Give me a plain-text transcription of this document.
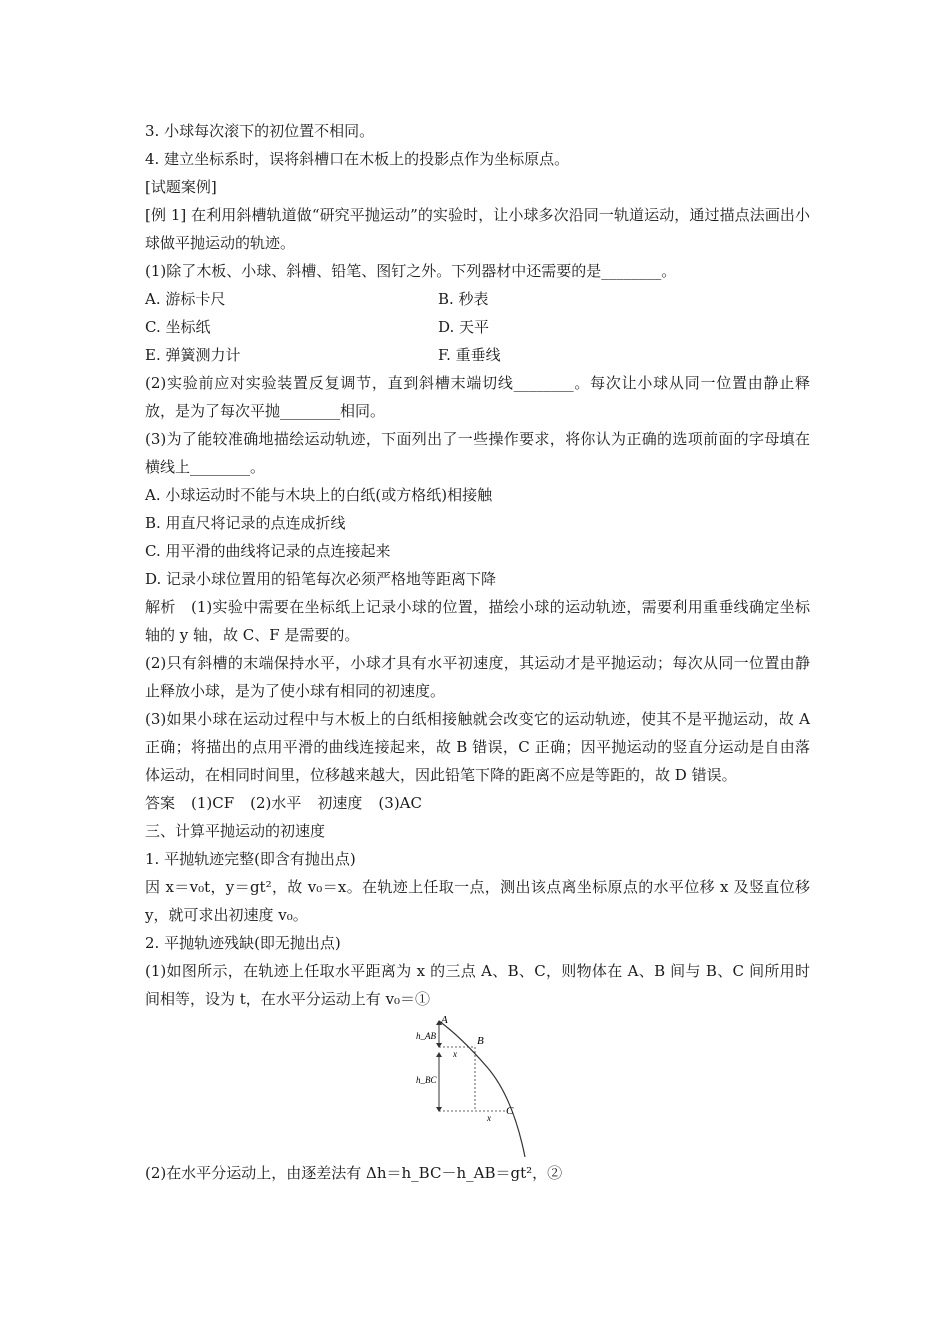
3. 小球每次滚下的初位置不相同。
4. 建立坐标系时，误将斜槽口在木板上的投影点作为坐标原点。
[试题案例]
[例 1] 在利用斜槽轨道做“研究平抛运动”的实验时，让小球多次沿同一轨道运动，通过描点法画出小球做平抛运动的轨迹。
(1)除了木板、小球、斜槽、铅笔、图钉之外。下列器材中还需要的是________。
A. 游标卡尺	B. 秒表
C. 坐标纸	D. 天平
E. 弹簧测力计	F. 重垂线
(2)实验前应对实验装置反复调节，直到斜槽末端切线________。每次让小球从同一位置由静止释放，是为了每次平抛________相同。
(3)为了能较准确地描绘运动轨迹，下面列出了一些操作要求，将你认为正确的选项前面的字母填在横线上________。
A. 小球运动时不能与木块上的白纸(或方格纸)相接触
B. 用直尺将记录的点连成折线
C. 用平滑的曲线将记录的点连接起来
D. 记录小球位置用的铅笔每次必须严格地等距离下降
解析　(1)实验中需要在坐标纸上记录小球的位置，描绘小球的运动轨迹，需要利用重垂线确定坐标轴的 y 轴，故 C、F 是需要的。
(2)只有斜槽的末端保持水平，小球才具有水平初速度，其运动才是平抛运动；每次从同一位置由静止释放小球，是为了使小球有相同的初速度。
(3)如果小球在运动过程中与木板上的白纸相接触就会改变它的运动轨迹，使其不是平抛运动，故 A 正确；将描出的点用平滑的曲线连接起来，故 B 错误，C 正确；因平抛运动的竖直分运动是自由落体运动，在相同时间里，位移越来越大，因此铅笔下降的距离不应是等距的，故 D 错误。
答案 (1)CF (2)水平 初速度 (3)AC
三、计算平抛运动的初速度
1. 平抛轨迹完整(即含有抛出点)
因 x＝v₀t，y＝gt²，故 v₀＝x。在轨迹上任取一点，测出该点离坐标原点的水平位移 x 及竖直位移 y，就可求出初速度 v₀。
2. 平抛轨迹残缺(即无抛出点)
(1)如图所示，在轨迹上任取水平距离为 x 的三点 A、B、C，则物体在 A、B 间与 B、C 间所用时间相等，设为 t，在水平分运动上有 v₀＝①
A
B
C
h_AB
h_BC
x
x
(2)在水平分运动上，由逐差法有 Δh＝h_BC－h_AB＝gt²，②
